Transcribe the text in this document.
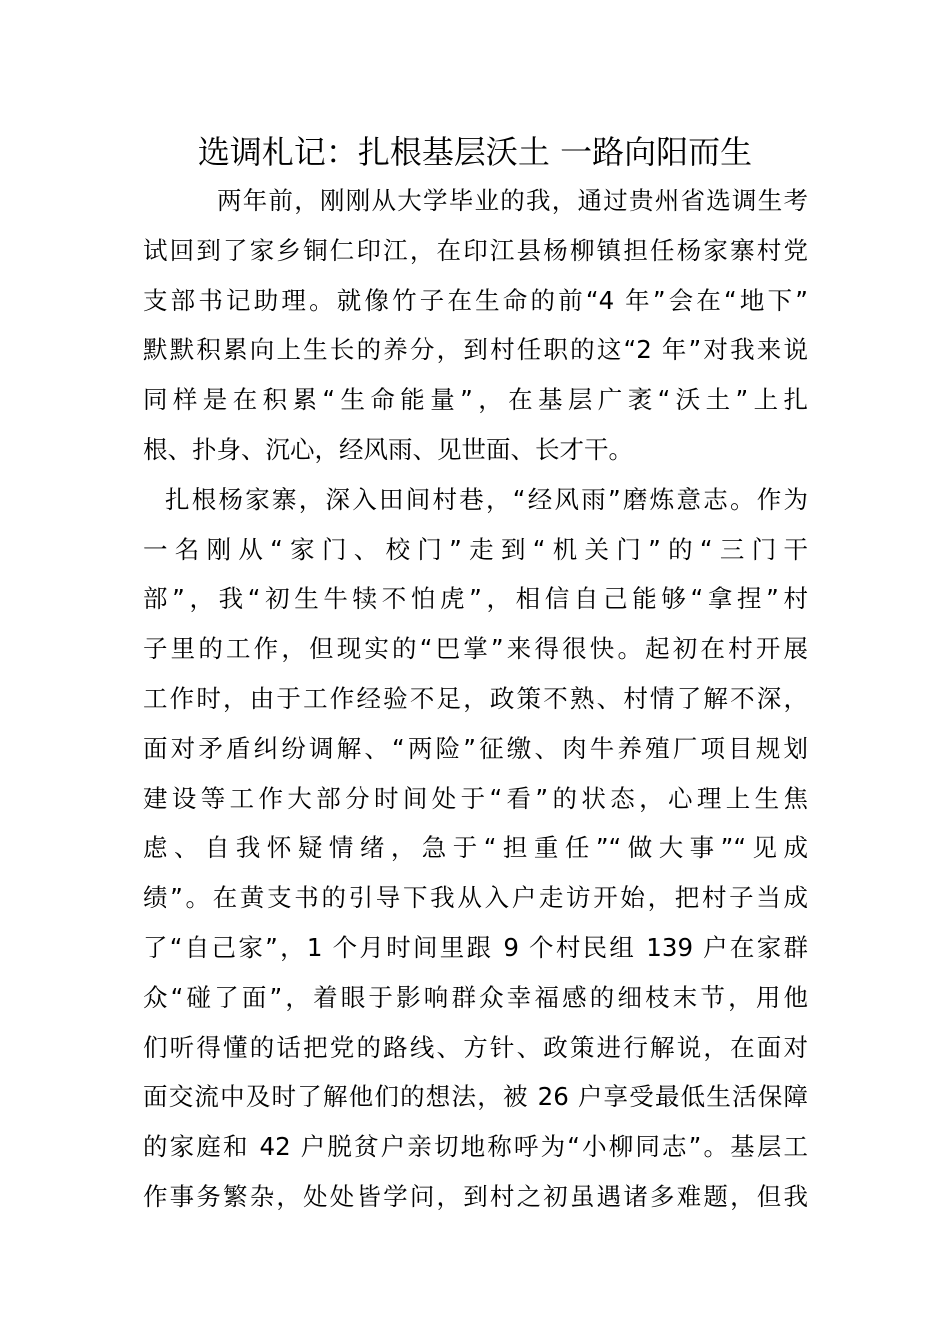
选调札记：扎根基层沃土 一路向阳而生
两年前，刚刚从大学毕业的我，通过贵州省选调生考
试回到了家乡铜仁印江，在印江县杨柳镇担任杨家寨村党
支部书记助理。就像竹子在生命的前“4 年”会在“地下”
默默积累向上生长的养分，到村任职的这“2 年”对我来说
同样是在积累“生命能量”，在基层广袤“沃土”上扎
根、扑身、沉心，经风雨、见世面、长才干。
扎根杨家寨，深入田间村巷，“经风雨”磨炼意志。作为
一名刚从“家门、校门”走到“机关门”的“三门干
部”，我“初生牛犊不怕虎”，相信自己能够“拿捏”村
子里的工作，但现实的“巴掌”来得很快。起初在村开展
工作时，由于工作经验不足，政策不熟、村情了解不深，
面对矛盾纠纷调解、“两险”征缴、肉牛养殖厂项目规划
建设等工作大部分时间处于“看”的状态，心理上生焦
虑、自我怀疑情绪，急于“担重任”“做大事”“见成
绩”。在黄支书的引导下我从入户走访开始，把村子当成
了“自己家”，1 个月时间里跟 9 个村民组 139 户在家群
众“碰了面”，着眼于影响群众幸福感的细枝末节，用他
们听得懂的话把党的路线、方针、政策进行解说，在面对
面交流中及时了解他们的想法，被 26 户享受最低生活保障
的家庭和 42 户脱贫户亲切地称呼为“小柳同志”。基层工
作事务繁杂，处处皆学问，到村之初虽遇诸多难题，但我
